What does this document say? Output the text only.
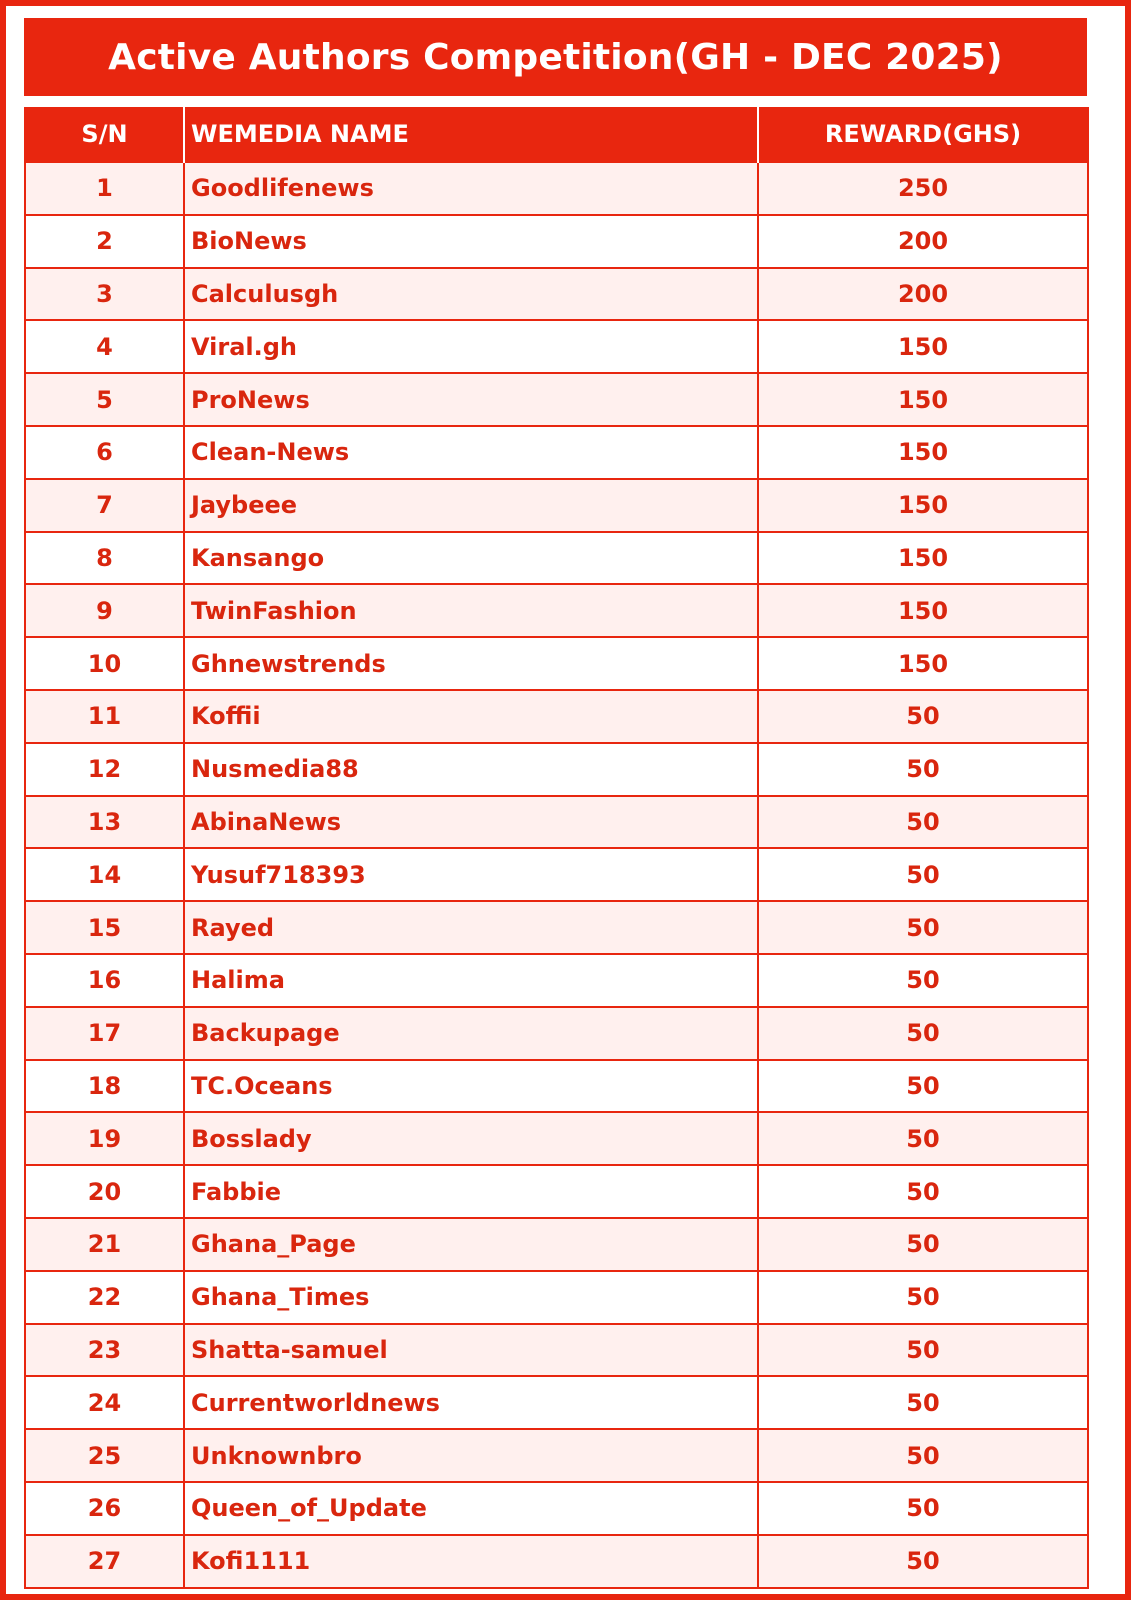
Active Authors Competition(GH - DEC 2025)
S/N	WEMEDIA NAME	REWARD(GHS)
1	Goodlifenews	250
2	BioNews	200
3	Calculusgh	200
4	Viral.gh	150
5	ProNews	150
6	Clean-News	150
7	Jaybeee	150
8	Kansango	150
9	TwinFashion	150
10	Ghnewstrends	150
11	Koffii	50
12	Nusmedia88	50
13	AbinaNews	50
14	Yusuf718393	50
15	Rayed	50
16	Halima	50
17	Backupage	50
18	TC.Oceans	50
19	Bosslady	50
20	Fabbie	50
21	Ghana_Page	50
22	Ghana_Times	50
23	Shatta-samuel	50
24	Currentworldnews	50
25	Unknownbro	50
26	Queen_of_Update	50
27	Kofi1111	50
